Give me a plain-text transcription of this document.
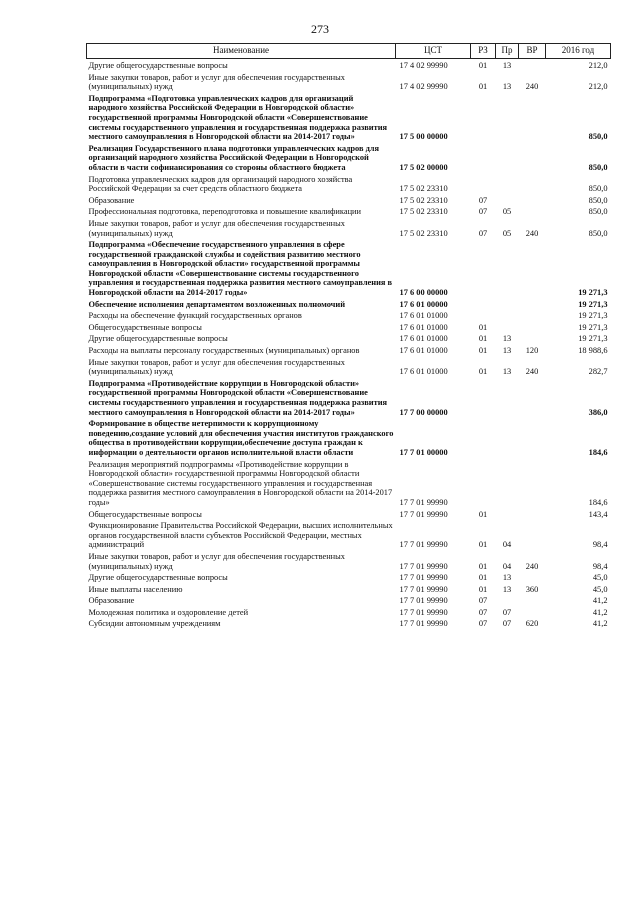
273
Наименование	ЦСТ	РЗ	Пр	ВР	2016 год
Другие общегосударственные вопросы	17 4 02 99990	01	13		212,0
Иные закупки товаров, работ и услуг для обеспечения государственных (муниципальных) нужд	17 4 02 99990	01	13	240	212,0
Подпрограмма «Подготовка управленческих кадров для организаций народного хозяйства Российской Федерации в Новгородской области» государственной программы Новгородской области «Совершенствование системы государственного управления и государственная поддержка развития местного самоуправления в Новгородской области на 2014-2017 годы»	17 5 00 00000				850,0
Реализация Государственного плана подготовки управленческих кадров для организаций народного хозяйства Российской Федерации в Новгородской области в части софинансирования со стороны областного бюджета	17 5 02 00000				850,0
Подготовка управленческих кадров для организаций народного хозяйства Российской Федерации за счет средств областного бюджета	17 5 02 23310				850,0
Образование	17 5 02 23310	07			850,0
Профессиональная подготовка, переподготовка и повышение квалификации	17 5 02 23310	07	05		850,0
Иные закупки товаров, работ и услуг для обеспечения государственных (муниципальных) нужд	17 5 02 23310	07	05	240	850,0
Подпрограмма «Обеспечение государственного управления в сфере государственной гражданской службы и содействия развитию местного самоуправления в Новгородской области» государственной программы Новгородской области «Совершенствование системы государственного управления и государственная поддержка развития местного самоуправления в Новгородской области на 2014-2017 годы»	17 6 00 00000				19 271,3
Обеспечение исполнения департаментом возложенных полномочий	17 6 01 00000				19 271,3
Расходы на обеспечение функций государственных органов	17 6 01 01000				19 271,3
Общегосударственные вопросы	17 6 01 01000	01			19 271,3
Другие общегосударственные вопросы	17 6 01 01000	01	13		19 271,3
Расходы на выплаты персоналу государственных (муниципальных) органов	17 6 01 01000	01	13	120	18 988,6
Иные закупки товаров, работ и услуг для обеспечения государственных (муниципальных) нужд	17 6 01 01000	01	13	240	282,7
Подпрограмма «Противодействие коррупции в Новгородской области» государственной программы Новгородской области «Совершенствование системы государственного управления и государственная поддержка развития местного самоуправления в Новгородской области на 2014-2017 годы»	17 7 00 00000				386,0
Формирование в обществе нетерпимости к коррупционному поведению,создание условий для обеспечения участия институтов гражданского общества в противодействии коррупции,обеспечение доступа граждан к информации о деятельности органов исполнительной власти области	17 7 01 00000				184,6
Реализация мероприятий подпрограммы «Противодействие коррупции в Новгородской области» государственной программы Новгородской области «Совершенствование системы государственного управления и государственная поддержка развития местного самоуправления в Новгородской области на 2014-2017 годы»	17 7 01 99990				184,6
Общегосударственные вопросы	17 7 01 99990	01			143,4
Функционирование Правительства Российской Федерации, высших исполнительных органов государственной власти субъектов Российской Федерации, местных администраций	17 7 01 99990	01	04		98,4
Иные закупки товаров, работ и услуг для обеспечения государственных (муниципальных) нужд	17 7 01 99990	01	04	240	98,4
Другие общегосударственные вопросы	17 7 01 99990	01	13		45,0
Иные выплаты населению	17 7 01 99990	01	13	360	45,0
Образование	17 7 01 99990	07			41,2
Молодежная политика и оздоровление детей	17 7 01 99990	07	07		41,2
Субсидии автономным учреждениям	17 7 01 99990	07	07	620	41,2
